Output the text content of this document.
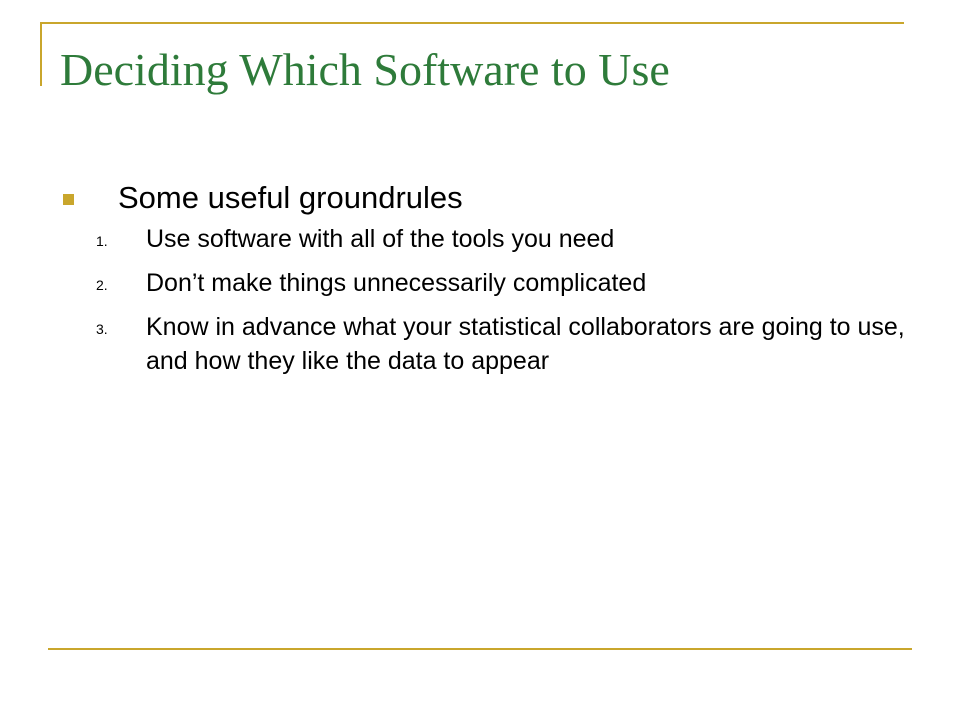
Deciding Which Software to Use
Some useful groundrules
1. Use software with all of the tools you need
2. Don’t make things unnecessarily complicated
3. Know in advance what your statistical collaborators are going to use, and how they like the data to appear
